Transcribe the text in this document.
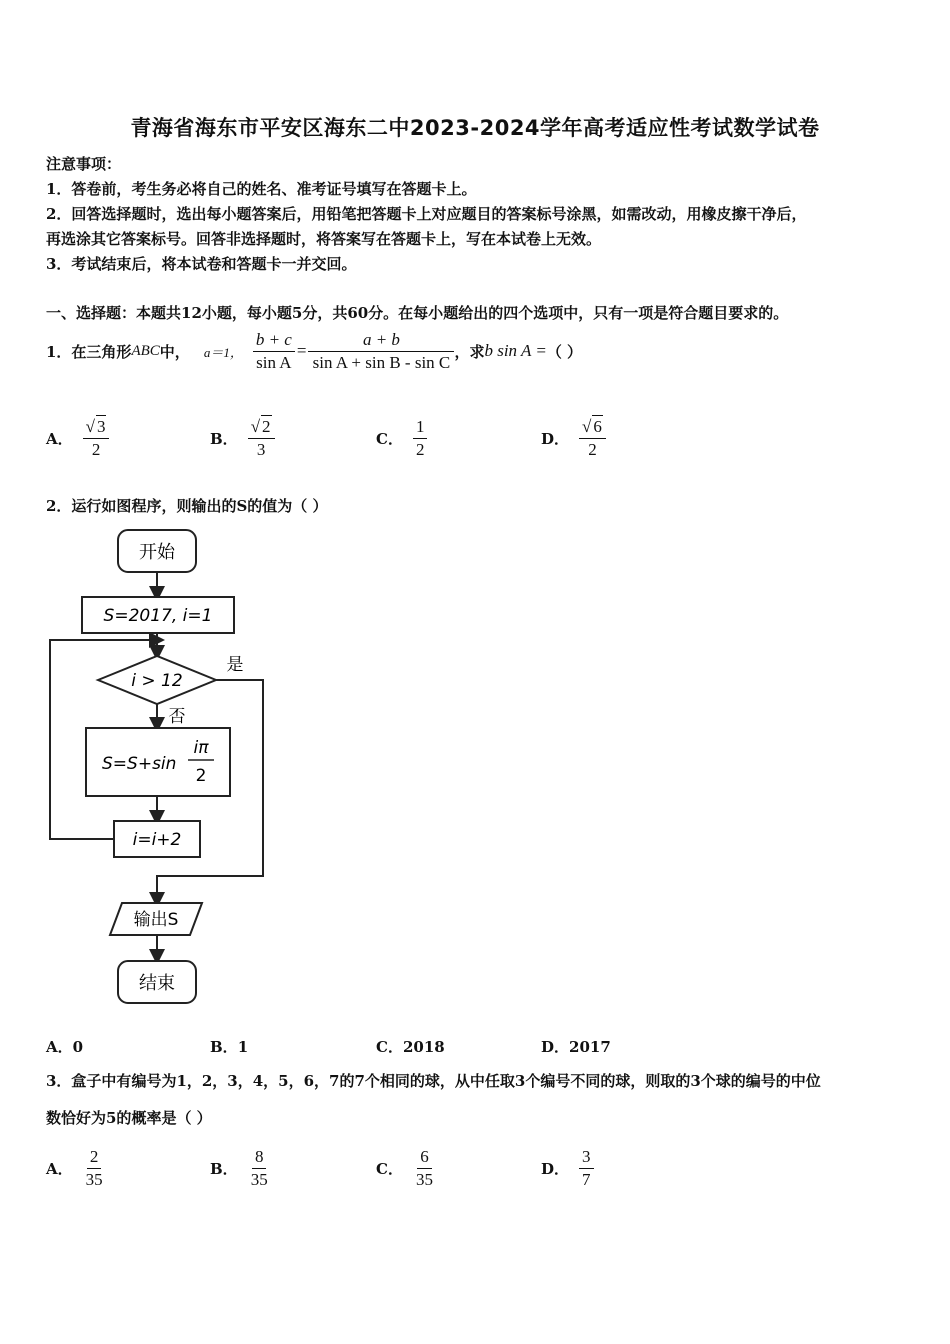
青海省海东市平安区海东二中2023-2024学年高考适应性考试数学试卷
注意事项：
1．答卷前，考生务必将自己的姓名、准考证号填写在答题卡上。
2．回答选择题时，选出每小题答案后，用铅笔把答题卡上对应题目的答案标号涂黑，如需改动，用橡皮擦干净后，
再选涂其它答案标号。回答非选择题时，将答案写在答题卡上，写在本试卷上无效。
3．考试结束后，将本试卷和答题卡一并交回。
一、选择题：本题共12小题，每小题5分，共60分。在每小题给出的四个选项中，只有一项是符合题目要求的。
1．在三角形 ABC 中， a＝1， $\frac{b + c}{\text{sin A}} = \frac{a + b}{\text{sin A + sin B - sin C}}$ ，求 b sin A = （ ）
A． $\frac{√ 3}{2}$	B． $\frac{√ 2}{3}$	C． $\frac{1}{2}$	D． $\frac{√ 6}{2}$
2．运行如图程序，则输出的S的值为（ ）
开始
S=2017, i=1
i > 12
是
否
S=S+sin
iπ
2
i=i+2
输出S
结束
A．0	B．1	C．2018	D．2017
3．盒子中有编号为1，2，3，4，5，6，7的7个相同的球，从中任取3个编号不同的球，则取的3个球的编号的中位
数恰好为5的概率是（ ）
A． $\frac{2}{35}$	B． $\frac{8}{35}$	C． $\frac{6}{35}$	D． $\frac{3}{7}$
